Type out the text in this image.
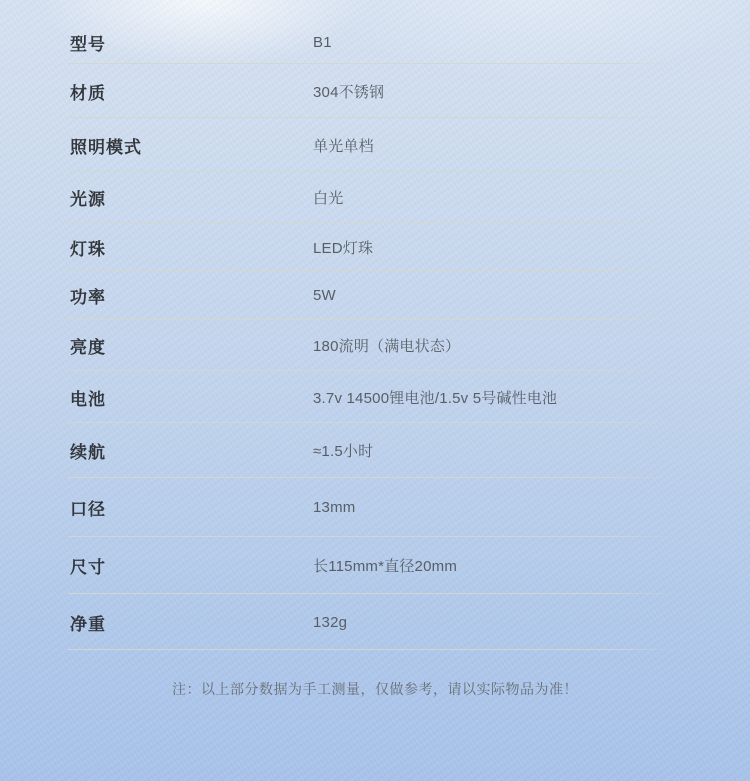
型号	B1
材质	304不锈钢
照明模式	单光单档
光源	白光
灯珠	LED灯珠
功率	5W
亮度	180流明（满电状态）
电池	3.7v 14500锂电池/1.5v 5号碱性电池
续航	≈1.5小时
口径	13mm
尺寸	长115mm*直径20mm
净重	132g
注：以上部分数据为手工测量，仅做参考，请以实际物品为准！
